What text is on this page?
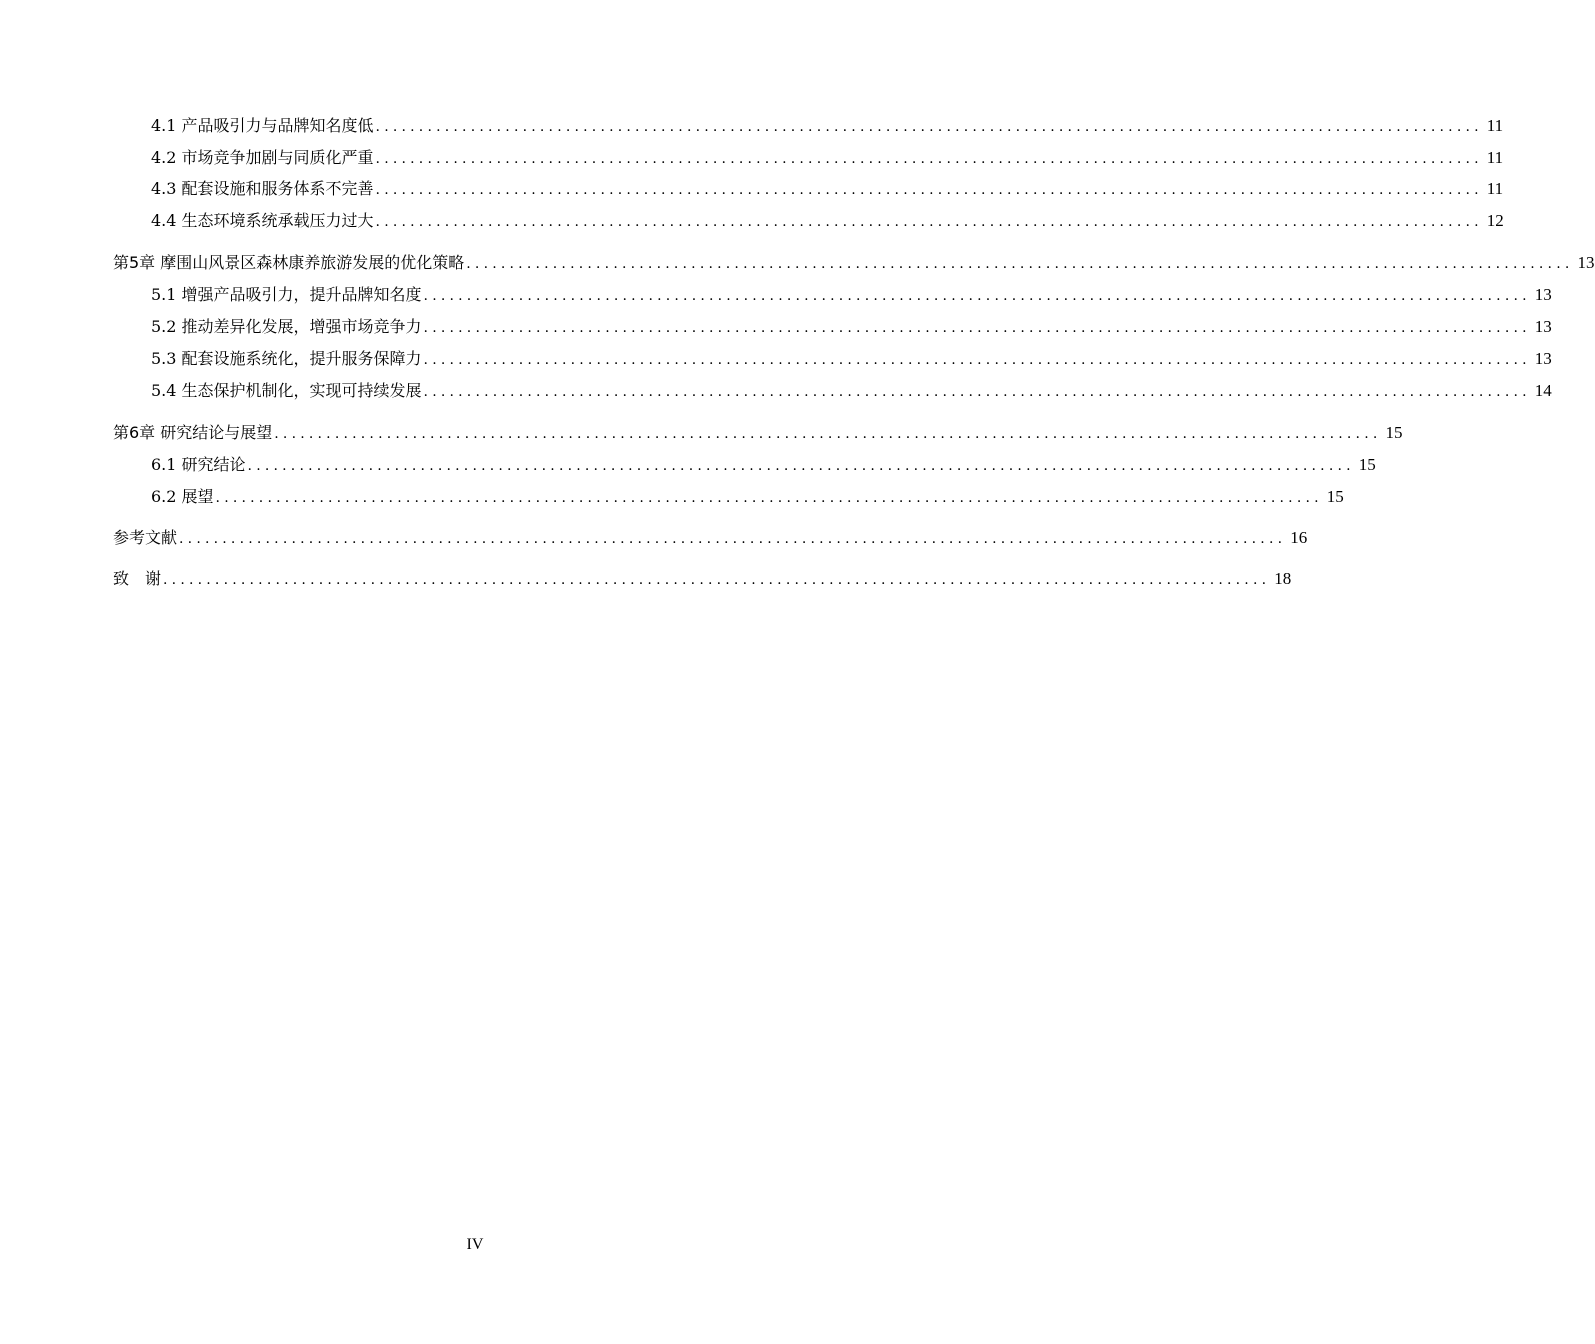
4.1 产品吸引力与品牌知名度低 ................................................................................................................................ 11
4.2 市场竞争加剧与同质化严重 ................................................................................................................................ 11
4.3 配套设施和服务体系不完善 ................................................................................................................................ 11
4.4 生态环境系统承载压力过大 ................................................................................................................................ 12
第5章 摩围山风景区森林康养旅游发展的优化策略 ................................................................................................................................ 13
5.1 增强产品吸引力，提升品牌知名度 ................................................................................................................................ 13
5.2 推动差异化发展，增强市场竞争力 ................................................................................................................................ 13
5.3 配套设施系统化，提升服务保障力 ................................................................................................................................ 13
5.4 生态保护机制化，实现可持续发展 ................................................................................................................................ 14
第6章 研究结论与展望 ................................................................................................................................ 15
6.1 研究结论 ................................................................................................................................ 15
6.2 展望 ................................................................................................................................ 15
参考文献 ................................................................................................................................ 16
致　谢 ................................................................................................................................ 18
IV
